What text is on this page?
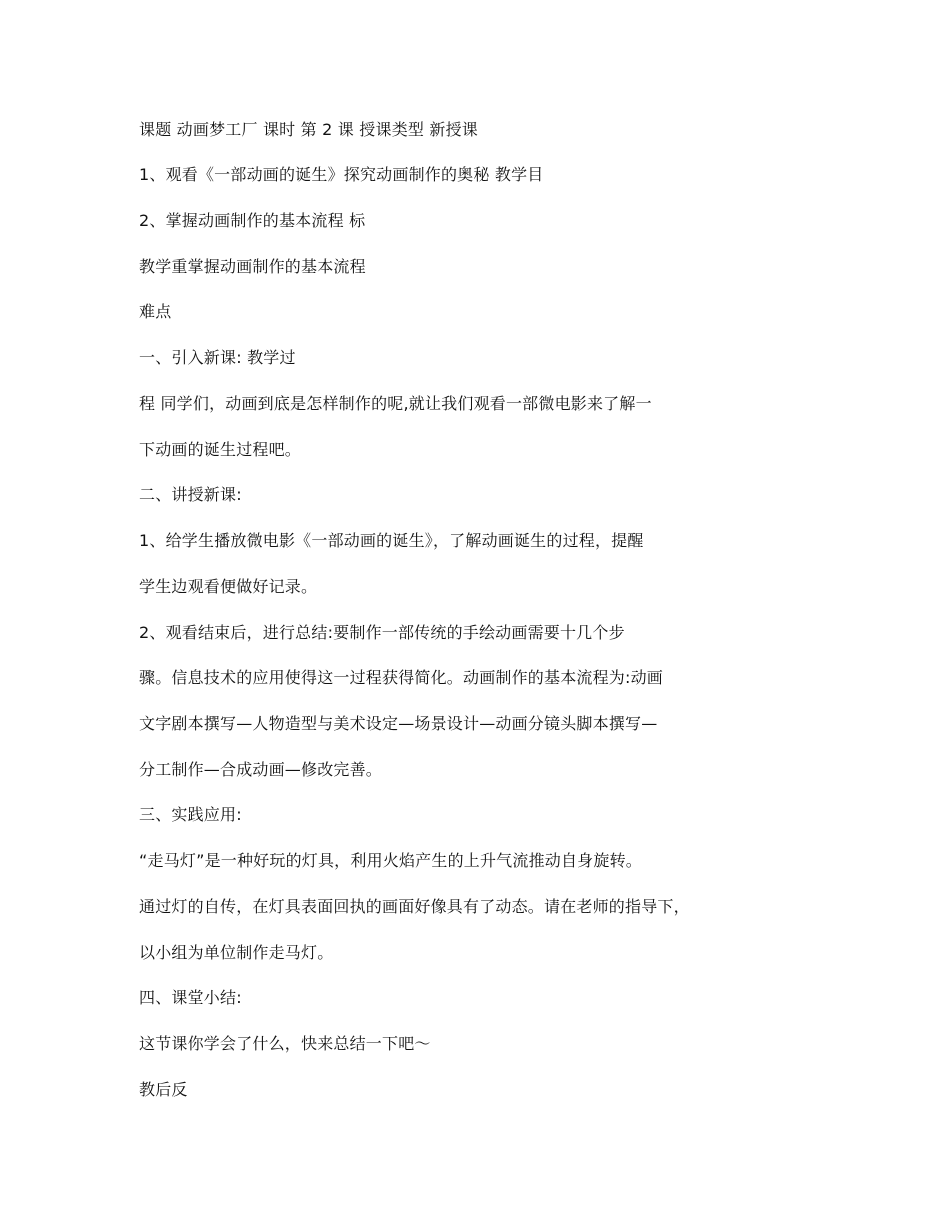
课题 动画梦工厂 课时 第 2 课 授课类型 新授课
1、观看《一部动画的诞生》探究动画制作的奥秘 教学目
2、掌握动画制作的基本流程 标
教学重掌握动画制作的基本流程
难点
一、引入新课: 教学过
程 同学们，动画到底是怎样制作的呢,就让我们观看一部微电影来了解一
下动画的诞生过程吧。
二、讲授新课:
1、给学生播放微电影《一部动画的诞生》，了解动画诞生的过程，提醒
学生边观看便做好记录。
2、观看结束后，进行总结:要制作一部传统的手绘动画需要十几个步
骤。信息技术的应用使得这一过程获得简化。动画制作的基本流程为:动画
文字剧本撰写—人物造型与美术设定—场景设计—动画分镜头脚本撰写—
分工制作—合成动画—修改完善。
三、实践应用:
“走马灯”是一种好玩的灯具，利用火焰产生的上升气流推动自身旋转。
通过灯的自传，在灯具表面回执的画面好像具有了动态。请在老师的指导下，
以小组为单位制作走马灯。
四、课堂小结:
这节课你学会了什么，快来总结一下吧～
教后反
